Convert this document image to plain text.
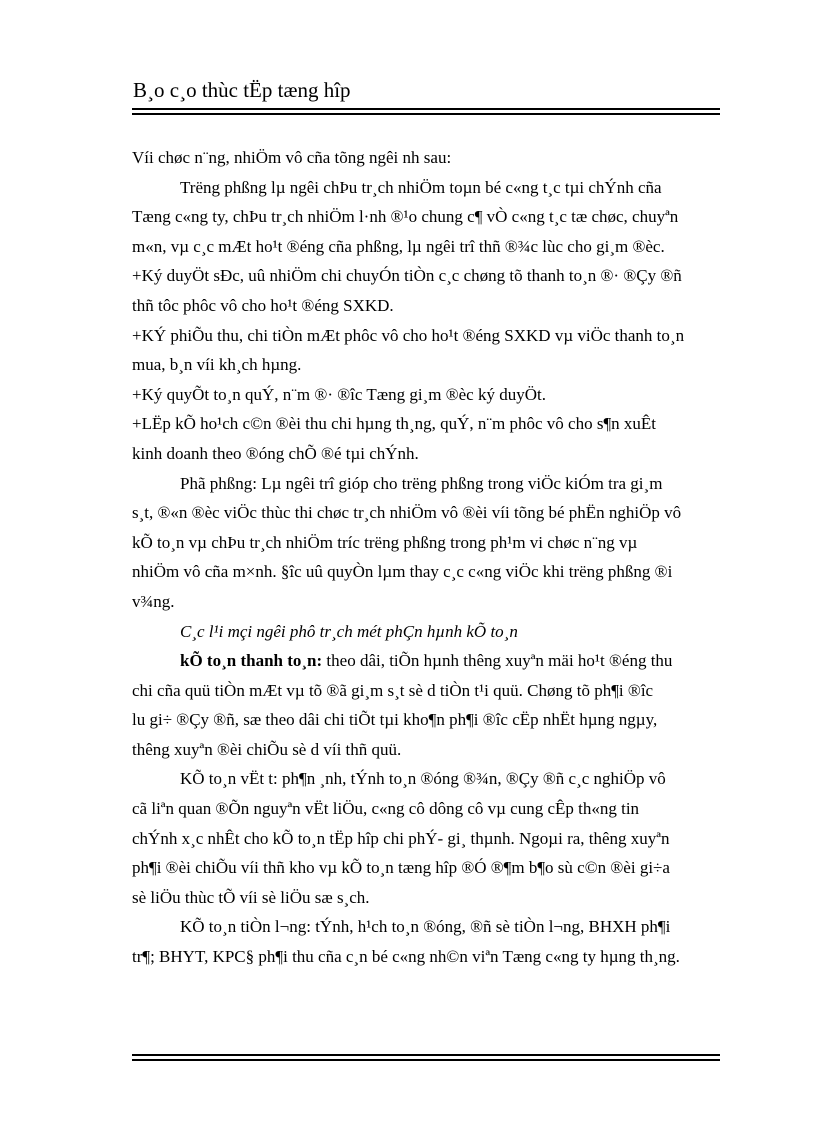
B¸o c¸o thùc tËp tæng hîp
Víi chøc n¨ng, nhiÖm vô cña tõng ngêi nh sau:
Trëng phßng lµ ngêi chÞu tr¸ch nhiÖm toµn bé c«ng t¸c tµi chÝnh cña
Tæng c«ng ty, chÞu tr¸ch nhiÖm l·nh ®¹o chung c¶ vÒ c«ng t¸c tæ chøc, chuyªn
m«n, vµ c¸c mÆt ho¹t ®éng cña phßng, lµ ngêi trî thñ ®¾c lùc cho gi¸m ®èc.
+Ký duyÖt sÐc, uû nhiÖm chi chuyÓn tiÒn c¸c chøng tõ thanh to¸n ®· ®Çy ®ñ
thñ tôc phôc vô cho ho¹t ®éng SXKD.
+KÝ phiÕu thu, chi tiÒn mÆt phôc vô cho ho¹t ®éng SXKD vµ viÖc thanh to¸n
mua, b¸n víi kh¸ch hµng.
+Ký quyÕt to¸n quÝ, n¨m ®· ®îc Tæng gi¸m ®èc ký duyÖt.
+LËp kÕ ho¹ch c©n ®èi thu chi hµng th¸ng, quÝ, n¨m phôc vô cho s¶n xuÊt
kinh doanh theo ®óng chÕ ®é tµi chÝnh.
Phã phßng: Lµ ngêi trî gióp cho trëng phßng trong viÖc kiÓm tra gi¸m
s¸t, ®«n ®èc viÖc thùc thi chøc tr¸ch nhiÖm vô ®èi víi tõng bé phËn nghiÖp vô
kÕ to¸n vµ chÞu tr¸ch nhiÖm tríc trëng phßng trong ph¹m vi chøc n¨ng vµ
nhiÖm vô cña m×nh. §îc uû quyÒn lµm thay c¸c c«ng viÖc khi trëng phßng ®i
v¾ng.
C¸c l¹i mçi ngêi phô tr¸ch mét phÇn hµnh kÕ to¸n
kÕ to¸n thanh to¸n: theo dâi, tiÕn hµnh thêng xuyªn mäi ho¹t ®éng thu
chi cña quü tiÒn mÆt vµ tõ ®ã gi¸m s¸t sè d tiÒn t¹i quü. Chøng tõ ph¶i ®îc
lu gi÷ ®Çy ®ñ, sæ theo dâi chi tiÕt tµi kho¶n ph¶i ®îc cËp nhËt hµng ngµy,
thêng xuyªn ®èi chiÕu sè d víi thñ quü.
KÕ to¸n vËt t: ph¶n ¸nh, tÝnh to¸n ®óng ®¾n, ®Çy ®ñ c¸c nghiÖp vô
cã liªn quan ®Õn nguyªn vËt liÖu, c«ng cô dông cô vµ cung cÊp th«ng tin
chÝnh x¸c nhÊt cho kÕ to¸n tËp hîp chi phÝ- gi¸ thµnh. Ngoµi ra, thêng xuyªn
ph¶i ®èi chiÕu víi thñ kho vµ kÕ to¸n tæng hîp ®Ó ®¶m b¶o sù c©n ®èi gi÷a
sè liÖu thùc tÕ víi sè liÖu sæ s¸ch.
KÕ to¸n tiÒn l¬ng: tÝnh, h¹ch to¸n ®óng, ®ñ sè tiÒn l¬ng, BHXH ph¶i
tr¶; BHYT, KPC§ ph¶i thu cña c¸n bé c«ng nh©n viªn Tæng c«ng ty hµng th¸ng.
